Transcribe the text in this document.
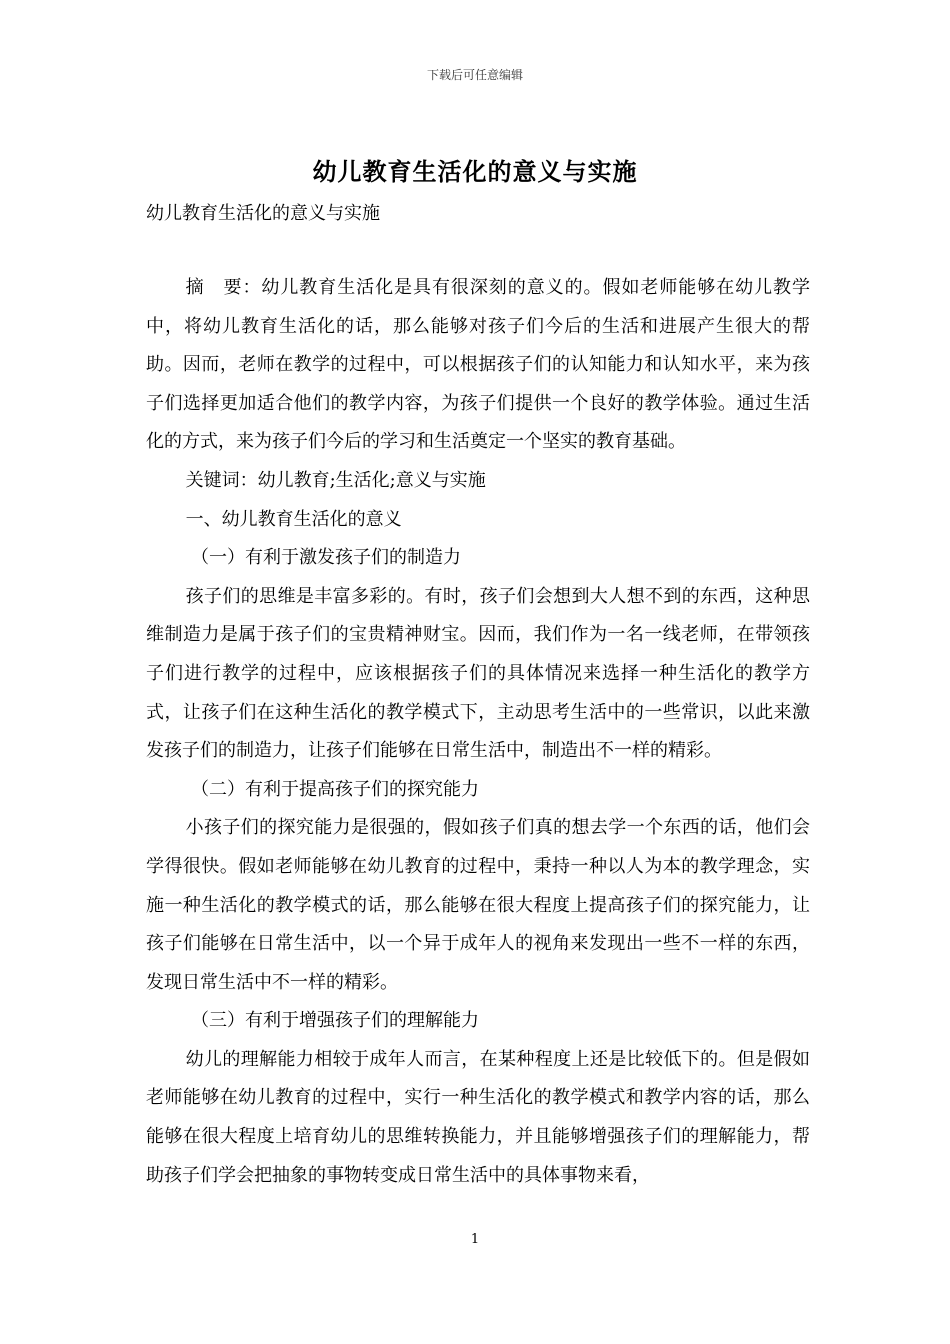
下载后可任意编辑
幼儿教育生活化的意义与实施
幼儿教育生活化的意义与实施

摘　要：幼儿教育生活化是具有很深刻的意义的。假如老师能够在幼儿教学中，将幼儿教育生活化的话，那么能够对孩子们今后的生活和进展产生很大的帮助。因而，老师在教学的过程中，可以根据孩子们的认知能力和认知水平，来为孩子们选择更加适合他们的教学内容，为孩子们提供一个良好的教学体验。通过生活化的方式，来为孩子们今后的学习和生活奠定一个坚实的教育基础。

关键词：幼儿教育;生活化;意义与实施

一、幼儿教育生活化的意义

（一）有利于激发孩子们的制造力

孩子们的思维是丰富多彩的。有时，孩子们会想到大人想不到的东西，这种思维制造力是属于孩子们的宝贵精神财宝。因而，我们作为一名一线老师，在带领孩子们进行教学的过程中，应该根据孩子们的具体情况来选择一种生活化的教学方式，让孩子们在这种生活化的教学模式下，主动思考生活中的一些常识，以此来激发孩子们的制造力，让孩子们能够在日常生活中，制造出不一样的精彩。

（二）有利于提高孩子们的探究能力

小孩子们的探究能力是很强的，假如孩子们真的想去学一个东西的话，他们会学得很快。假如老师能够在幼儿教育的过程中，秉持一种以人为本的教学理念，实施一种生活化的教学模式的话，那么能够在很大程度上提高孩子们的探究能力，让孩子们能够在日常生活中，以一个异于成年人的视角来发现出一些不一样的东西，发现日常生活中不一样的精彩。

（三）有利于增强孩子们的理解能力

幼儿的理解能力相较于成年人而言，在某种程度上还是比较低下的。但是假如老师能够在幼儿教育的过程中，实行一种生活化的教学模式和教学内容的话，那么能够在很大程度上培育幼儿的思维转换能力，并且能够增强孩子们的理解能力，帮助孩子们学会把抽象的事物转变成日常生活中的具体事物来看，

1
